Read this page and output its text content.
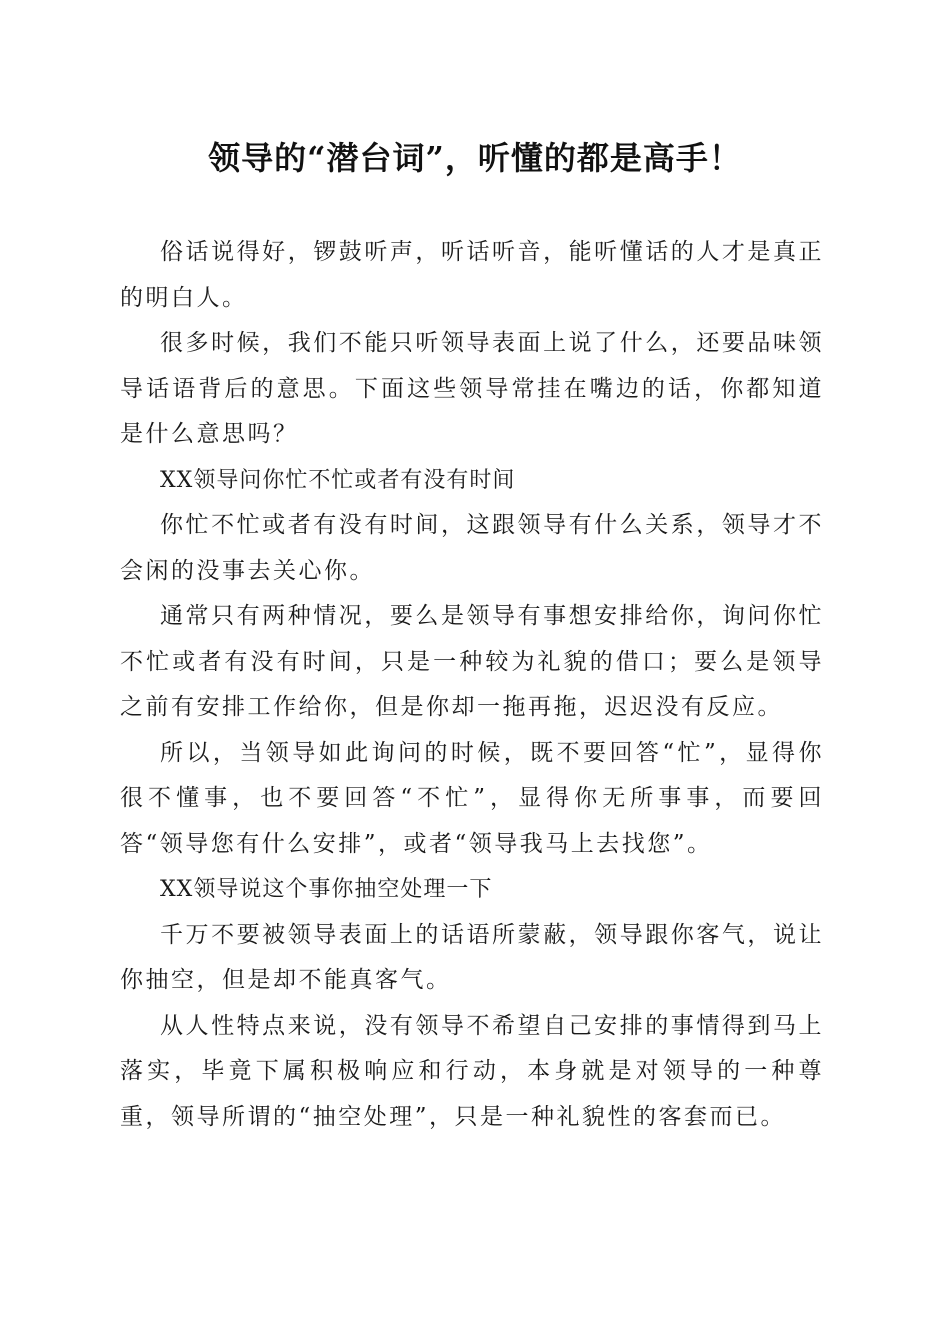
领导的“潜台词”，听懂的都是高手！

俗话说得好，锣鼓听声，听话听音，能听懂话的人才是真正的明白人。

很多时候，我们不能只听领导表面上说了什么，还要品味领导话语背后的意思。下面这些领导常挂在嘴边的话，你都知道是什么意思吗？

XX领导问你忙不忙或者有没有时间

你忙不忙或者有没有时间，这跟领导有什么关系，领导才不会闲的没事去关心你。

通常只有两种情况，要么是领导有事想安排给你，询问你忙不忙或者有没有时间，只是一种较为礼貌的借口；要么是领导之前有安排工作给你，但是你却一拖再拖，迟迟没有反应。

所以，当领导如此询问的时候，既不要回答“忙”，显得你很不懂事，也不要回答“不忙”，显得你无所事事，而要回答“领导您有什么安排”，或者“领导我马上去找您”。

XX领导说这个事你抽空处理一下

千万不要被领导表面上的话语所蒙蔽，领导跟你客气，说让你抽空，但是却不能真客气。

从人性特点来说，没有领导不希望自己安排的事情得到马上落实，毕竟下属积极响应和行动，本身就是对领导的一种尊重，领导所谓的“抽空处理”，只是一种礼貌性的客套而已。
